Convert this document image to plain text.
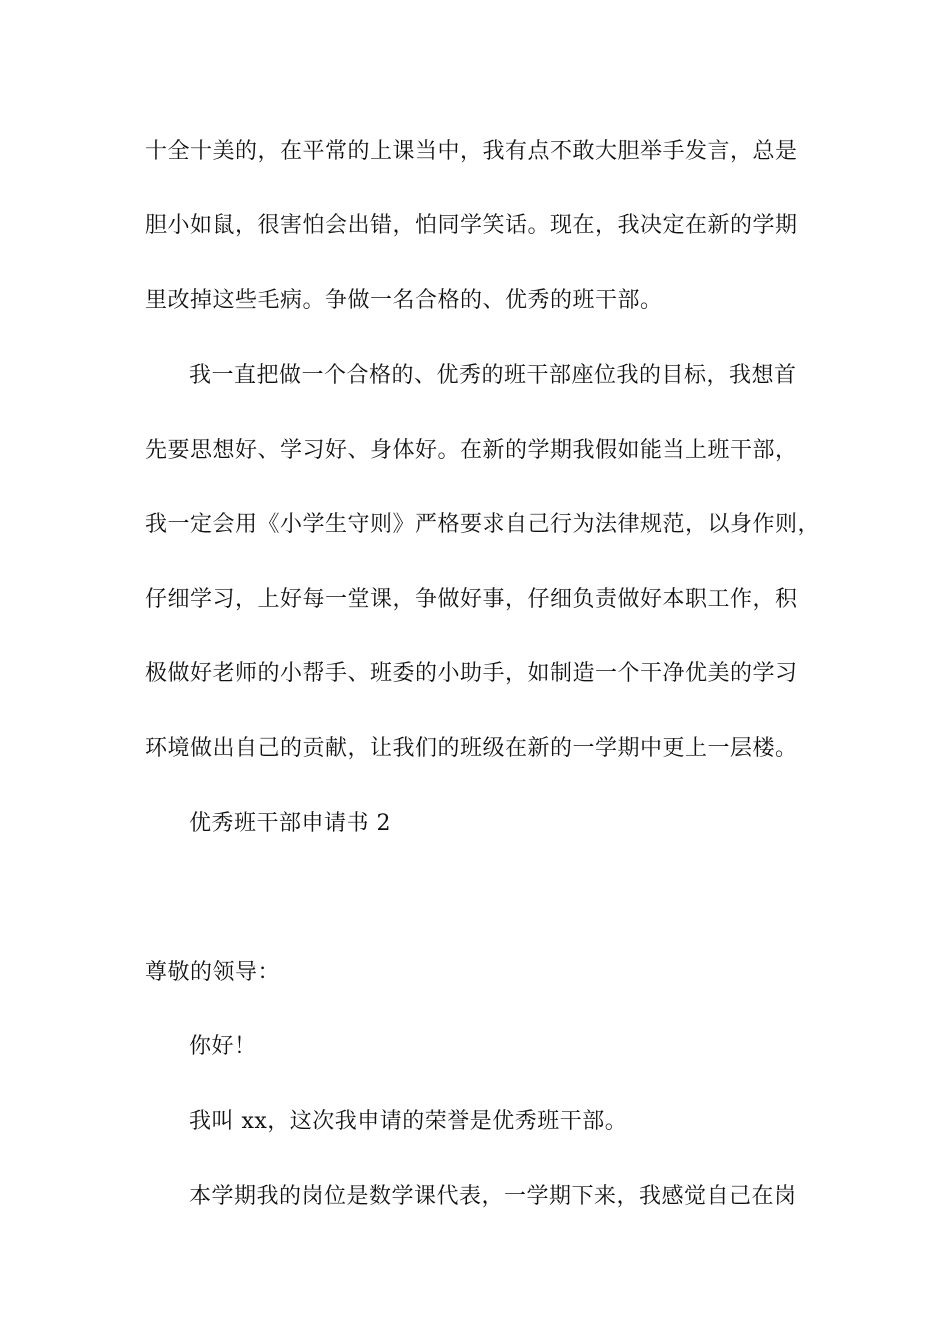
十全十美的，在平常的上课当中，我有点不敢大胆举手发言，总是
胆小如鼠，很害怕会出错，怕同学笑话。现在，我决定在新的学期
里改掉这些毛病。争做一名合格的、优秀的班干部。
我一直把做一个合格的、优秀的班干部座位我的目标，我想首
先要思想好、学习好、身体好。在新的学期我假如能当上班干部，
我一定会用《小学生守则》严格要求自己行为法律规范，以身作则，
仔细学习，上好每一堂课，争做好事，仔细负责做好本职工作，积
极做好老师的小帮手、班委的小助手，如制造一个干净优美的学习
环境做出自己的贡献，让我们的班级在新的一学期中更上一层楼。
优秀班干部申请书 2
尊敬的领导：
你好！
我叫 xx，这次我申请的荣誉是优秀班干部。
本学期我的岗位是数学课代表，一学期下来，我感觉自己在岗
